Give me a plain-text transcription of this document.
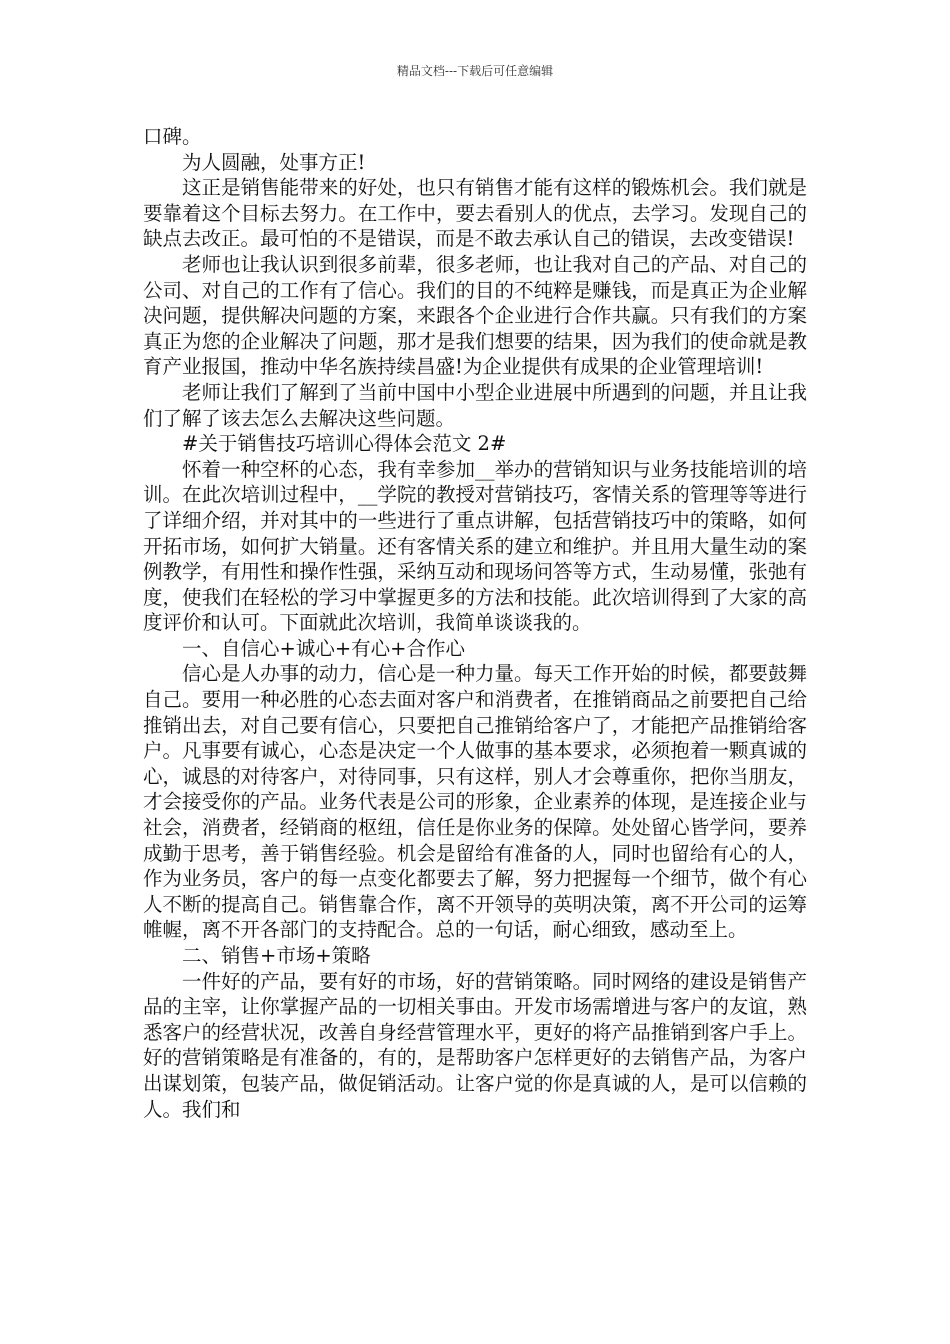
精品文档---下载后可任意编辑

口碑。

为人圆融，处事方正!

这正是销售能带来的好处，也只有销售才能有这样的锻炼机会。我们就是要靠着这个目标去努力。在工作中，要去看别人的优点，去学习。发现自己的缺点去改正。最可怕的不是错误，而是不敢去承认自己的错误，去改变错误!

老师也让我认识到很多前辈，很多老师，也让我对自己的产品、对自己的公司、对自己的工作有了信心。我们的目的不纯粹是赚钱，而是真正为企业解决问题，提供解决问题的方案，来跟各个企业进行合作共赢。只有我们的方案真正为您的企业解决了问题，那才是我们想要的结果，因为我们的使命就是教育产业报国，推动中华名族持续昌盛!为企业提供有成果的企业管理培训!

老师让我们了解到了当前中国中小型企业进展中所遇到的问题，并且让我们了解了该去怎么去解决这些问题。

#关于销售技巧培训心得体会范文 2#

怀着一种空杯的心态，我有幸参加__举办的营销知识与业务技能培训的培训。在此次培训过程中，__学院的教授对营销技巧，客情关系的管理等等进行了详细介绍，并对其中的一些进行了重点讲解，包括营销技巧中的策略，如何开拓市场，如何扩大销量。还有客情关系的建立和维护。并且用大量生动的案例教学，有用性和操作性强，采纳互动和现场问答等方式，生动易懂，张弛有度，使我们在轻松的学习中掌握更多的方法和技能。此次培训得到了大家的高度评价和认可。下面就此次培训，我简单谈谈我的。

一、自信心+诚心+有心+合作心

信心是人办事的动力，信心是一种力量。每天工作开始的时候，都要鼓舞自己。要用一种必胜的心态去面对客户和消费者，在推销商品之前要把自己给推销出去，对自己要有信心，只要把自己推销给客户了，才能把产品推销给客户。凡事要有诚心，心态是决定一个人做事的基本要求，必须抱着一颗真诚的心，诚恳的对待客户，对待同事，只有这样，别人才会尊重你，把你当朋友，才会接受你的产品。业务代表是公司的形象，企业素养的体现，是连接企业与社会，消费者，经销商的枢纽，信任是你业务的保障。处处留心皆学问，要养成勤于思考，善于销售经验。机会是留给有准备的人，同时也留给有心的人，作为业务员，客户的每一点变化都要去了解，努力把握每一个细节，做个有心人不断的提高自己。销售靠合作，离不开领导的英明决策，离不开公司的运筹帷幄，离不开各部门的支持配合。总的一句话，耐心细致，感动至上。

二、销售+市场+策略

一件好的产品，要有好的市场，好的营销策略。同时网络的建设是销售产品的主宰，让你掌握产品的一切相关事由。开发市场需增进与客户的友谊，熟悉客户的经营状况，改善自身经营管理水平，更好的将产品推销到客户手上。好的营销策略是有准备的，有的，是帮助客户怎样更好的去销售产品，为客户出谋划策，包装产品，做促销活动。让客户觉的你是真诚的人，是可以信赖的人。我们和
